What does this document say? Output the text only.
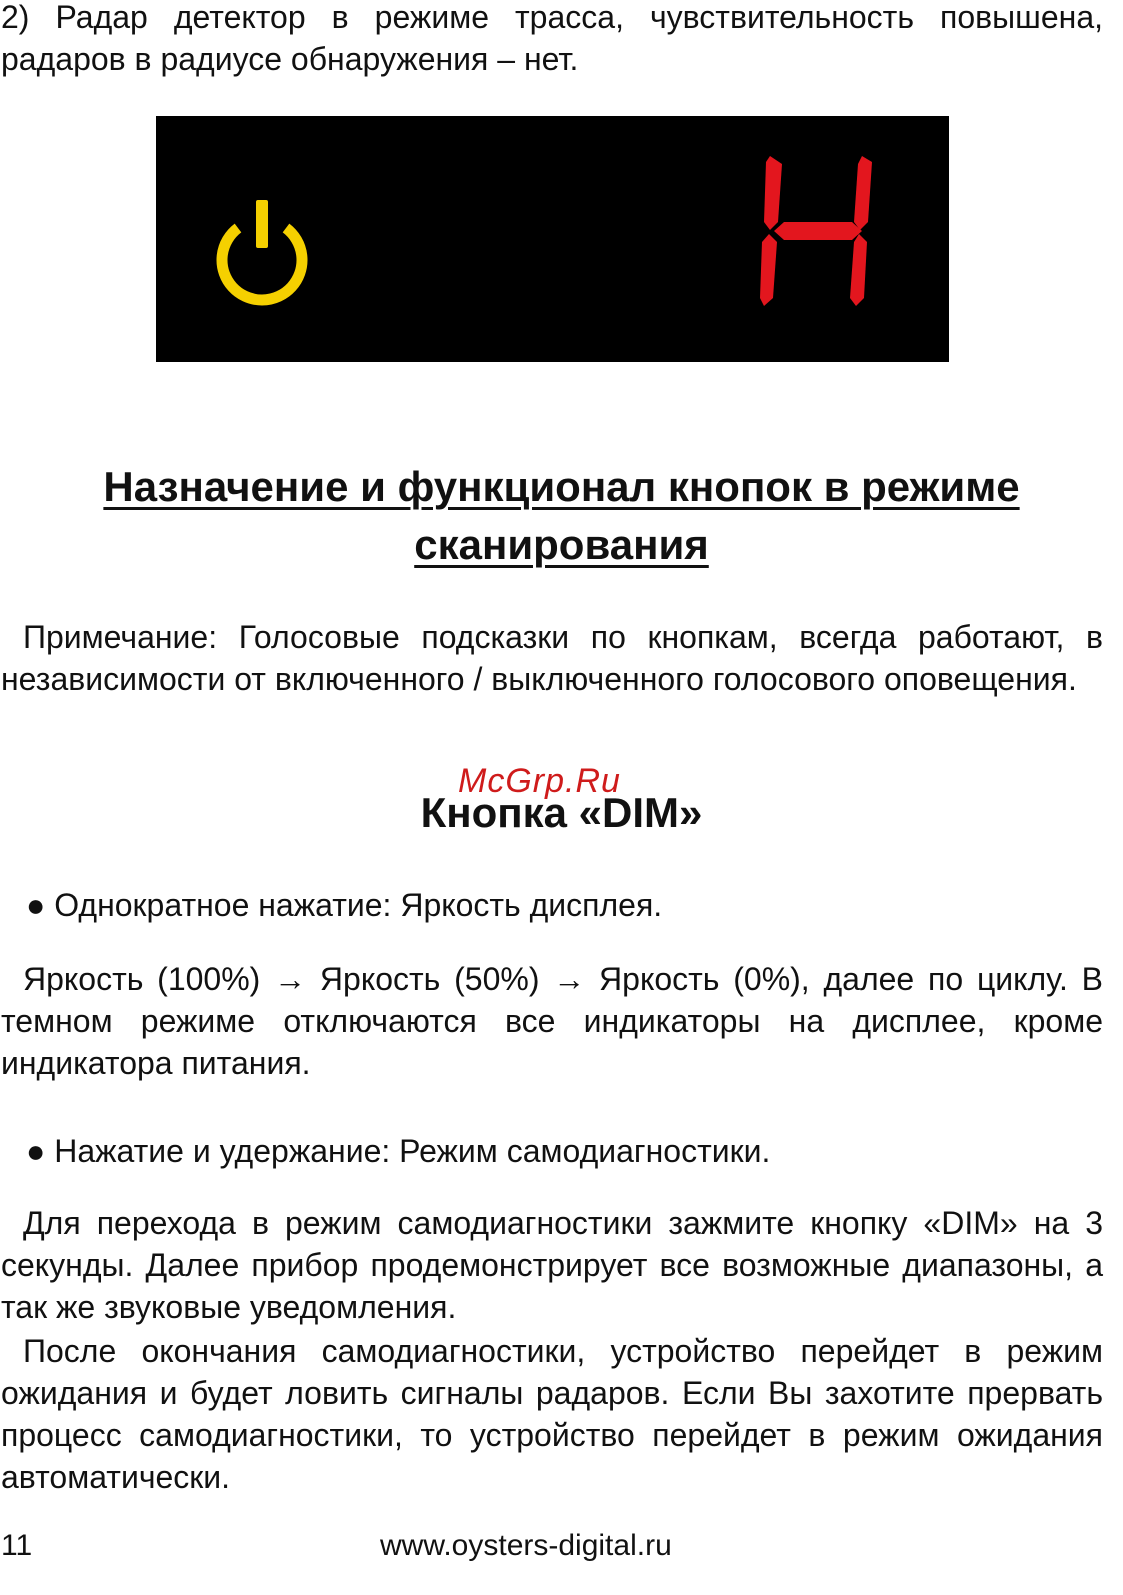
2) Радар детектор в режиме трасса, чувствительность повышена, радаров в радиусе обнаружения – нет.

Назначение и функционал кнопок в режиме
сканирования

Примечание: Голосовые подсказки по кнопкам, всегда работают, в независимости от включенного / выключенного голосового оповещения.

Кнопка «DIM»
McGrp.Ru

● Однократное нажатие: Яркость дисплея.

Яркость (100%) → Яркость (50%) → Яркость (0%), далее по циклу. В темном режиме отключаются все индикаторы на дисплее, кроме индикатора питания.

● Нажатие и удержание: Режим самодиагностики.

Для перехода в режим самодиагностики зажмите кнопку «DIM» на 3 секунды. Далее прибор продемонстрирует все возможные диапазоны, а так же звуковые уведомления.

После окончания самодиагностики, устройство перейдет в режим ожидания и будет ловить сигналы радаров. Если Вы захотите прервать процесс самодиагностики, то устройство перейдет в режим ожидания автоматически.

11	www.oysters-digital.ru
